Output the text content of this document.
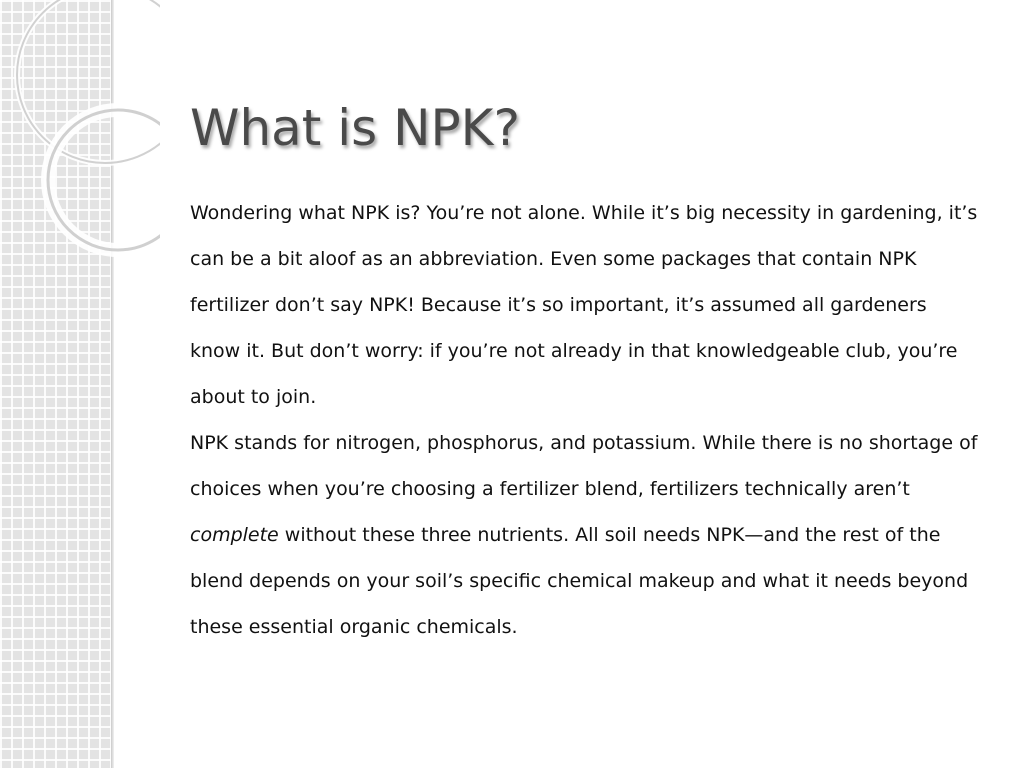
What is NPK?

Wondering what NPK is? You’re not alone. While it’s big necessity in gardening, it’s can be a bit aloof as an abbreviation. Even some packages that contain NPK fertilizer don’t say NPK! Because it’s so important, it’s assumed all gardeners know it. But don’t worry: if you’re not already in that knowledgeable club, you’re about to join.

NPK stands for nitrogen, phosphorus, and potassium. While there is no shortage of choices when you’re choosing a fertilizer blend, fertilizers technically aren’t complete without these three nutrients. All soil needs NPK—and the rest of the blend depends on your soil’s specific chemical makeup and what it needs beyond these essential organic chemicals.
